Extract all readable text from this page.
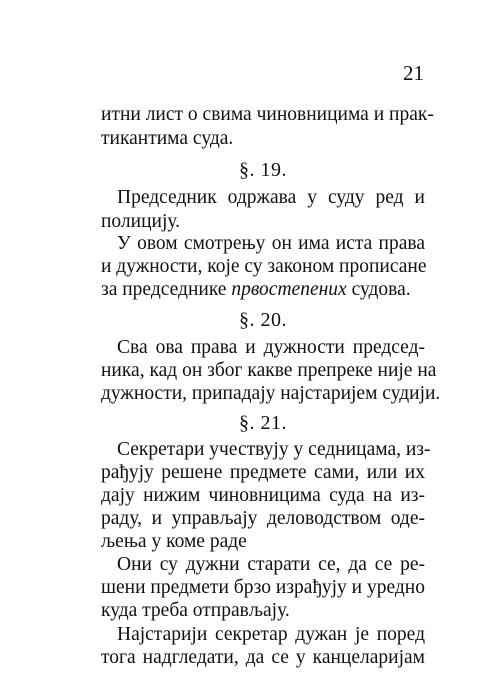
21
итни лист о свима чиновницима и прак-
тикантима суда.
§. 19.
Председник одржава у суду ред и
полицију.
У овом смотрењу он има иста права
и дужности, које су законом прописане
за председнике првостепених судова.
§. 20.
Сва ова права и дужности председ-
ника, кад он због какве препреке није на
дужности, припадају најстаријем судији.
§. 21.
Секретари учествују у седницама, из-
рађују решене предмете сами, или их
дају нижим чиновницима суда на из-
раду, и управљају деловодством оде-
љења у коме раде
Они су дужни старати се, да се ре-
шени предмети брзо израђују и уредно
куда треба отправљају.
Најстарији секретар дужан је поред
тога надгледати, да се у канцеларијам
